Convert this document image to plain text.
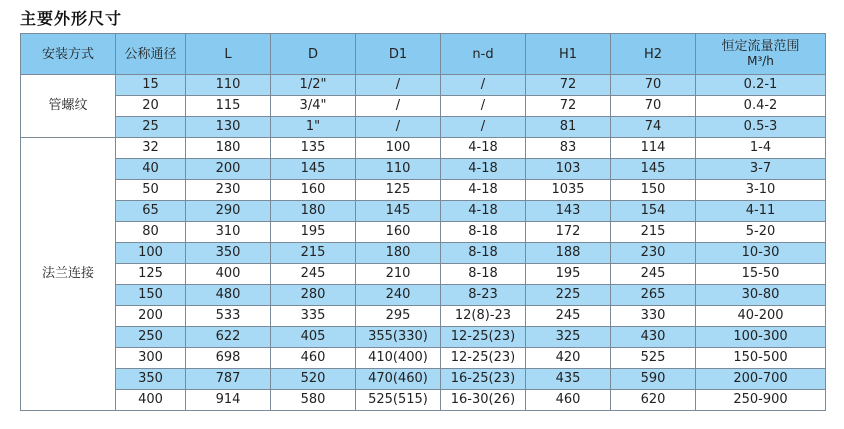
主要外形尺寸
安装方式	公称通径	L	D	D1	n-d	H1	H2	恒定流量范围
M³/h

管螺纹	15	110	1/2"	/	/	72	70	0.2-1
	20	115	3/4"	/	/	72	70	0.4-2
	25	130	1"	/	/	81	74	0.5-3
法兰连接	32	180	135	100	4-18	83	114	1-4
	40	200	145	110	4-18	103	145	3-7
	50	230	160	125	4-18	1035	150	3-10
	65	290	180	145	4-18	143	154	4-11
	80	310	195	160	8-18	172	215	5-20
	100	350	215	180	8-18	188	230	10-30
	125	400	245	210	8-18	195	245	15-50
	150	480	280	240	8-23	225	265	30-80
	200	533	335	295	12(8)-23	245	330	40-200
	250	622	405	355(330)	12-25(23)	325	430	100-300
	300	698	460	410(400)	12-25(23)	420	525	150-500
	350	787	520	470(460)	16-25(23)	435	590	200-700
	400	914	580	525(515)	16-30(26)	460	620	250-900
